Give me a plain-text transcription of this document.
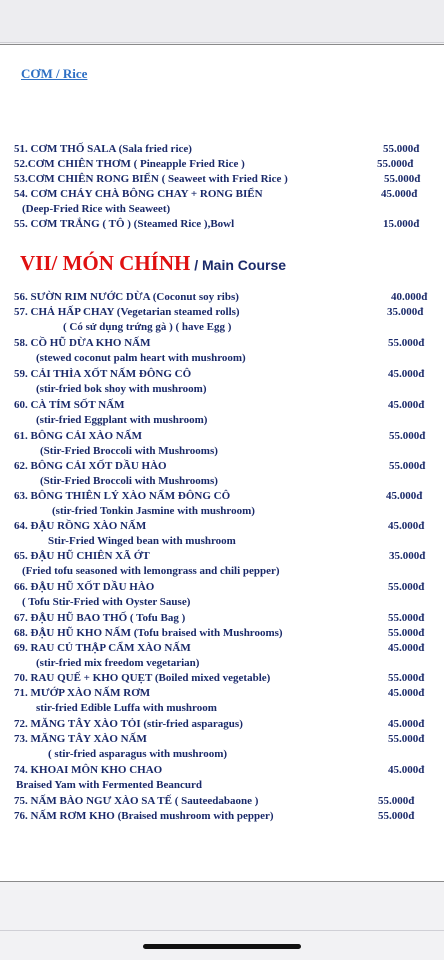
CƠM / Rice
51. CƠM THỐ SALA (Sala fried rice)	55.000đ
52.CƠM CHIÊN THƠM ( Pineapple Fried Rice )	55.000đ
53.CƠM CHIÊN RONG BIỂN ( Seaweet with Fried Rice )	55.000đ
54. CƠM CHÁY CHÀ BÔNG CHAY + RONG BIỂN	45.000đ
(Deep-Fried Rice with Seaweet)
55. CƠM TRẮNG ( TÔ ) (Steamed Rice ),Bowl	15.000đ
VII/ MÓN CHÍNH / Main Course
56. SƯỜN RIM NƯỚC DỪA (Coconut soy ribs)	40.000đ
57. CHẢ HẤP CHAY (Vegetarian steamed rolls)	35.000đ
( Có sử dụng trứng gà ) ( have Egg )
58. CỒ HŨ DỪA KHO NẤM	55.000đ
(stewed coconut palm heart with mushroom)
59. CẢI THÌA XỐT NẤM ĐÔNG CÔ	45.000đ
(stir-fried bok shoy with mushroom)
60. CÀ TÍM SỐT NẤM	45.000đ
(stir-fried Eggplant with mushroom)
61. BÔNG CẢI XÀO NẤM	55.000đ
(Stir-Fried Broccoli with Mushrooms)
62. BÔNG CẢI XỐT DẦU HÀO	55.000đ
(Stir-Fried Broccoli with Mushrooms)
63. BÔNG THIÊN LÝ XÀO NẤM ĐÔNG CÔ	45.000đ
(stir-fried Tonkin Jasmine with mushroom)
64. ĐẬU RỒNG XÀO NẤM	45.000đ
Stir-Fried Winged bean with mushroom
65. ĐẬU HŨ CHIÊN XÃ ỚT	35.000đ
(Fried tofu seasoned with lemongrass and chili pepper)
66. ĐẬU HŨ XỐT DẦU HÀO	55.000đ
( Tofu Stir-Fried with Oyster Sause)
67. ĐẬU HŨ BAO THỐ ( Tofu Bag )	55.000đ
68. ĐẬU HŨ KHO NẤM (Tofu braised with Mushrooms)	55.000đ
69. RAU CỦ THẬP CẨM XÀO NẤM	45.000đ
(stir-fried mix freedom vegetarian)
70. RAU QUẾ + KHO QUẸT (Boiled mixed vegetable)	55.000đ
71. MƯỚP XÀO NẤM RƠM	45.000đ
stir-fried Edible Luffa with mushroom
72. MĂNG TÂY XÀO TỎI (stir-fried asparagus)	45.000đ
73. MĂNG TÂY XÀO NẤM	55.000đ
( stir-fried asparagus with mushroom)
74. KHOAI MÔN KHO CHAO	45.000đ
Braised Yam with Fermented Beancurd
75. NẤM BÀO NGƯ XÀO SA TẾ ( Sauteedabaone )	55.000đ
76. NẤM RƠM KHO (Braised mushroom with pepper)	55.000đ
